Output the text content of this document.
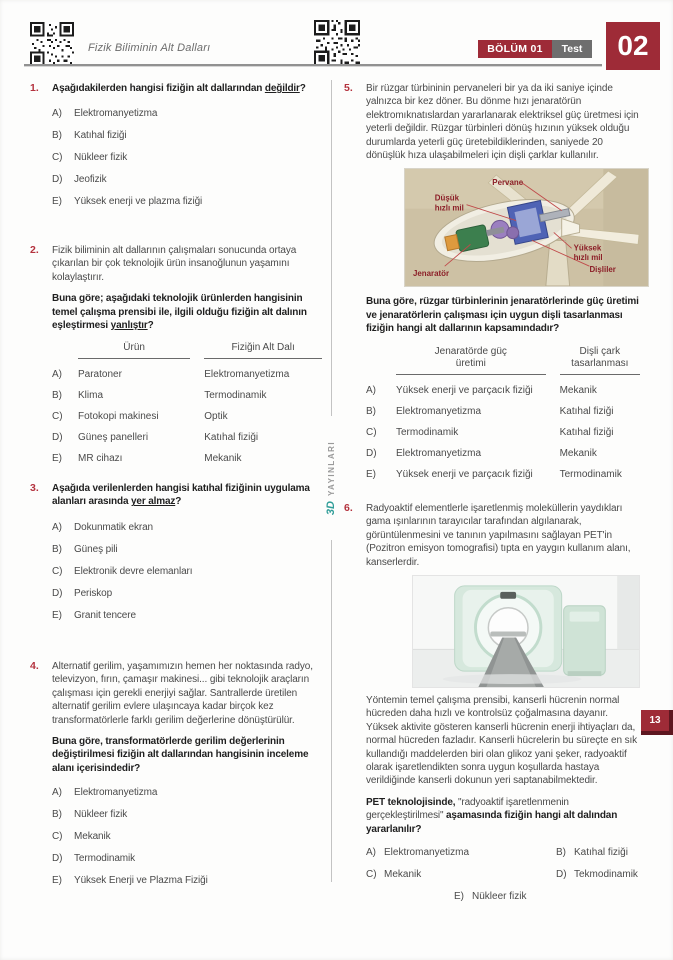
Fizik Biliminin Alt Dalları	BÖLÜM 01	Test	02
3D
YAYINLARI
13
1. Aşağıdakilerden hangisi fiziğin alt dallarından değildir?
A)	Elektromanyetizma
B)	Katıhal fiziği
C)	Nükleer fizik
D)	Jeofizik
E)	Yüksek enerji ve plazma fiziği
2. Fizik biliminin alt dallarının çalışmaları sonucunda ortaya çıkarılan bir çok teknolojik ürün insanoğlunun yaşamını kolaylaştırır.
Buna göre; aşağıdaki teknolojik ürünlerden hangisinin temel çalışma prensibi ile, ilgili olduğu fiziğin alt dalının eşleştirmesi yanlıştır?
Ürün	Fiziğin Alt Dalı
A)	Paratoner	Elektromanyetizma
B)	Klima	Termodinamik
C)	Fotokopi makinesi	Optik
D)	Güneş panelleri	Katıhal fiziği
E)	MR cihazı	Mekanik
3. Aşağıda verilenlerden hangisi katıhal fiziğinin uygulama alanları arasında yer almaz?
A)	Dokunmatik ekran
B)	Güneş pili
C)	Elektronik devre elemanları
D)	Periskop
E)	Granit tencere
4. Alternatif gerilim, yaşamımızın hemen her noktasında radyo, televizyon, fırın, çamaşır makinesi... gibi teknolojik araçların çalışması için gerekli enerjiyi sağlar. Santrallerde üretilen alternatif gerilim evlere ulaşıncaya kadar birçok kez transformatörlerle farklı gerilim değerlerine dönüştürülür.
Buna göre, transformatörlerde gerilim değerlerinin değiştirilmesi fiziğin alt dallarından hangisinin inceleme alanı içerisindedir?
A)	Elektromanyetizma
B)	Nükleer fizik
C)	Mekanik
D)	Termodinamik
E)	Yüksek Enerji ve Plazma Fiziği
5. Bir rüzgar türbininin pervaneleri bir ya da iki saniye içinde yalnızca bir kez döner. Bu dönme hızı jenaratörün elektromıknatıslardan yararlanarak elektriksel güç üretmesi için yeterli değildir. Rüzgar türbinleri dönüş hızının yüksek olduğu durumlarda yeterli güç üretebildiklerinden, saniyede 20 dönüşlük hıza ulaşabilmeleri için dişli çarklar kullanılır.
Pervane
Düşük hızlı mil
Yüksek hızlı mil
Jenaratör	Dişliler
Buna göre, rüzgar türbinlerinin jenaratörlerinde güç üretimi ve jenaratörlerin çalışması için uygun dişli tasarlanması fiziğin hangi alt dallarının kapsamındadır?
Jenaratörde güç
üretimi
Dişli çark
tasarlanması
A)	Yüksek enerji ve parçacık fiziği	Mekanik
B)	Elektromanyetizma	Katıhal fiziği
C)	Termodinamik	Katıhal fiziği
D)	Elektromanyetizma	Mekanik
E)	Yüksek enerji ve parçacık fiziği	Termodinamik
6. Radyoaktif elementlerle işaretlenmiş moleküllerin yaydıkları gama ışınlarının tarayıcılar tarafından algılanarak, görüntülenmesini ve tanının yapılmasını sağlayan PET'in (Pozitron emisyon tomografisi) tıpta en yaygın kullanım alanı, kanserlerdir.
Yöntemin temel çalışma prensibi, kanserli hücrenin normal hücreden daha hızlı ve kontrolsüz çoğalmasına dayanır. Yüksek aktivite gösteren kanserli hücrenin enerji ihtiyaçları da, normal hücreden fazladır. Kanserli hücrelerin bu süreçte en sık kullandığı maddelerden biri olan glikoz yani şeker, radyoaktif olarak işaretlendikten sonra uygun koşullarda hastaya verildiğinde kanserli dokunun yeri saptanabilmektedir.
PET teknolojisinde, "radyoaktif işaretlenmenin gerçekleştirilmesi" aşamasında fiziğin hangi alt dalından yararlanılır?
A) Elektromanyetizma	B) Katıhal fiziği
C) Mekanik	D) Tekmodinamik
E) Nükleer fizik
